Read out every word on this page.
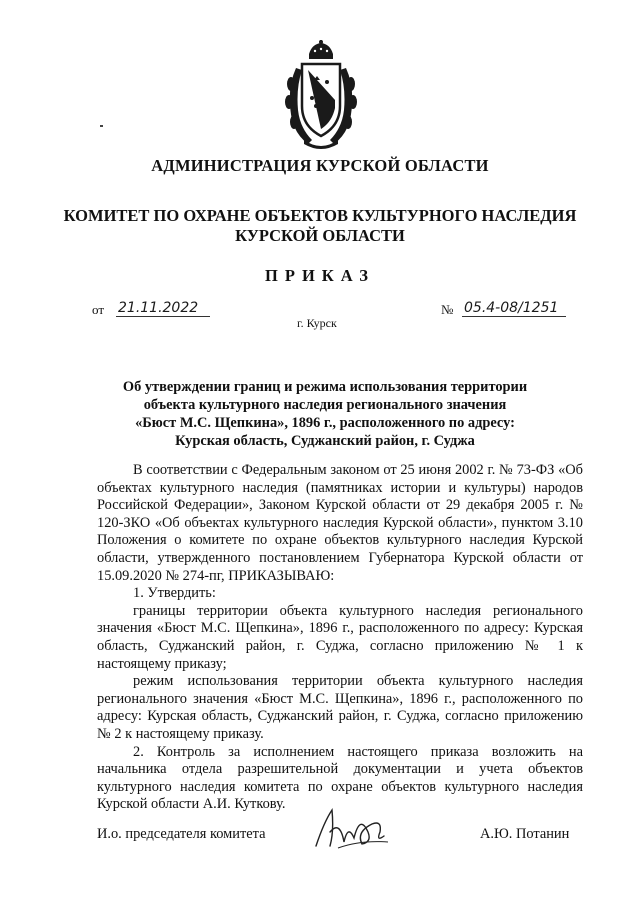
АДМИНИСТРАЦИЯ КУРСКОЙ ОБЛАСТИ
КОМИТЕТ ПО ОХРАНЕ ОБЪЕКТОВ КУЛЬТУРНОГО НАСЛЕДИЯ
КУРСКОЙ ОБЛАСТИ
ПРИКАЗ
от 21.11.2022	№ 05.4-08/1251
г. Курск
Об утверждении границ и режима использования территории
объекта культурного наследия регионального значения
«Бюст М.С. Щепкина», 1896 г., расположенного по адресу:
Курская область, Суджанский район, г. Суджа

В соответствии с Федеральным законом от 25 июня 2002 г. № 73-ФЗ «Об объектах культурного наследия (памятниках истории и культуры) народов Российской Федерации», Законом Курской области от 29 декабря 2005 г. № 120-ЗКО «Об объектах культурного наследия Курской области», пунктом 3.10 Положения о комитете по охране объектов культурного наследия Курской области, утвержденного постановлением Губернатора Курской области от 15.09.2020 № 274-пг, ПРИКАЗЫВАЮ:

1. Утвердить:

границы территории объекта культурного наследия регионального значения «Бюст М.С. Щепкина», 1896 г., расположенного по адресу: Курская область, Суджанский район, г. Суджа, согласно приложению № 1 к настоящему приказу;

режим использования территории объекта культурного наследия регионального значения «Бюст М.С. Щепкина», 1896 г., расположенного по адресу: Курская область, Суджанский район, г. Суджа, согласно приложению № 2 к настоящему приказу.

2. Контроль за исполнением настоящего приказа возложить на начальника отдела разрешительной документации и учета объектов культурного наследия комитета по охране объектов культурного наследия Курской области А.И. Куткову.

И.о. председателя комитета	А.Ю. Потанин
